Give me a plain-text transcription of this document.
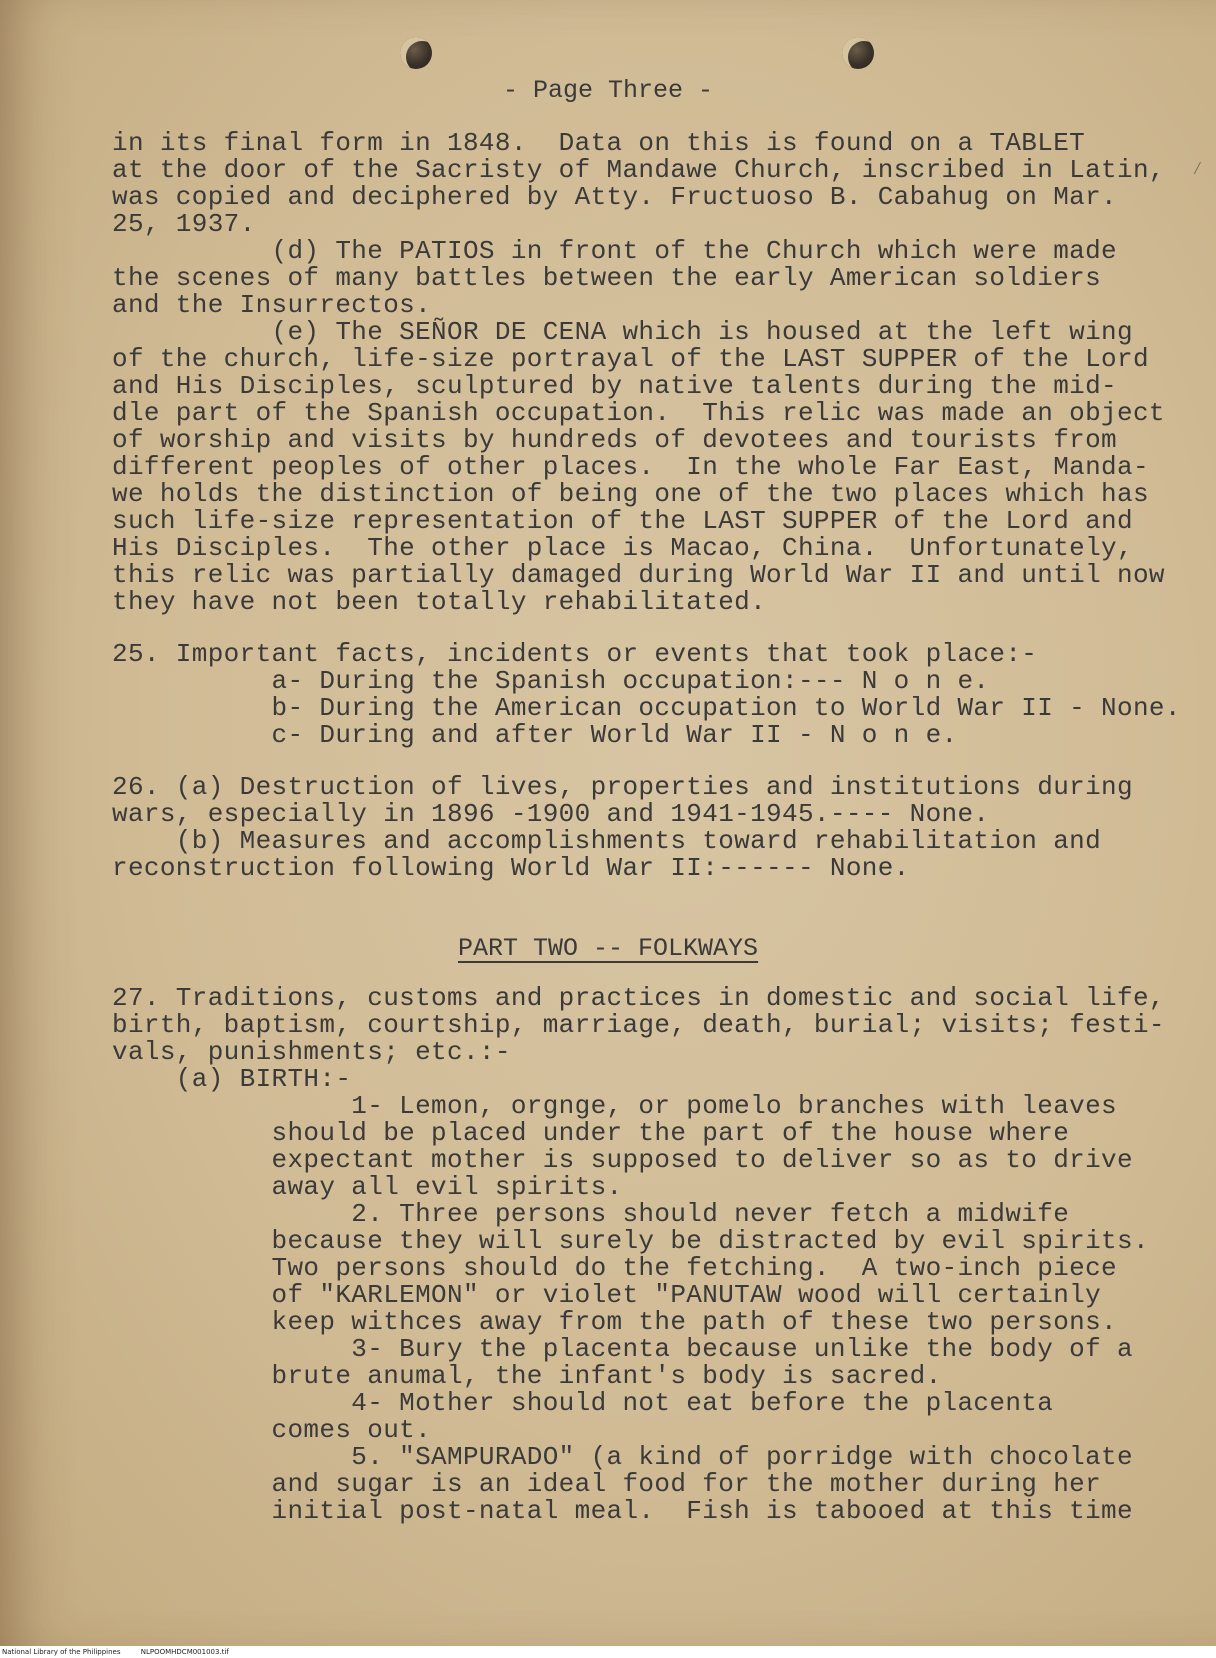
- Page Three -
⁄
in its final form in 1848.  Data on this is found on a TABLET
at the door of the Sacristy of Mandawe Church, inscribed in Latin,
was copied and deciphered by Atty. Fructuoso B. Cabahug on Mar.
25, 1937.
(d) The PATIOS in front of the Church which were made
the scenes of many battles between the early American soldiers
and the Insurrectos.
(e) The SEÑOR DE CENA which is housed at the left wing
of the church, life-size portrayal of the LAST SUPPER of the Lord
and His Disciples, sculptured by native talents during the mid-
dle part of the Spanish occupation.  This relic was made an object
of worship and visits by hundreds of devotees and tourists from
different peoples of other places.  In the whole Far East, Manda-
we holds the distinction of being one of the two places which has
such life-size representation of the LAST SUPPER of the Lord and
His Disciples.  The other place is Macao, China.  Unfortunately,
this relic was partially damaged during World War II and until now
they have not been totally rehabilitated.
25. Important facts, incidents or events that took place:-
a- During the Spanish occupation:--- N o n e.
b- During the American occupation to World War II - None.
c- During and after World War II - N o n e.
26. (a) Destruction of lives, properties and institutions during
wars, especially in 1896 -1900 and 1941-1945.---- None.
(b) Measures and accomplishments toward rehabilitation and
reconstruction following World War II:------ None.
PART TWO -- FOLKWAYS
27. Traditions, customs and practices in domestic and social life,
birth, baptism, courtship, marriage, death, burial; visits; festi-
vals, punishments; etc.:-
(a) BIRTH:-
1- Lemon, orgnge, or pomelo branches with leaves
should be placed under the part of the house where
expectant mother is supposed to deliver so as to drive
away all evil spirits.
2. Three persons should never fetch a midwife
because they will surely be distracted by evil spirits.
Two persons should do the fetching.  A two-inch piece
of "KARLEMON" or violet "PANUTAW wood will certainly
keep withces away from the path of these two persons.
3- Bury the placenta because unlike the body of a
brute anumal, the infant's body is sacred.
4- Mother should not eat before the placenta
comes out.
5. "SAMPURADO" (a kind of porridge with chocolate
and sugar is an ideal food for the mother during her
initial post-natal meal.  Fish is tabooed at this time
National Library of the Philippines	NLPOOMHDCM001003.tif
